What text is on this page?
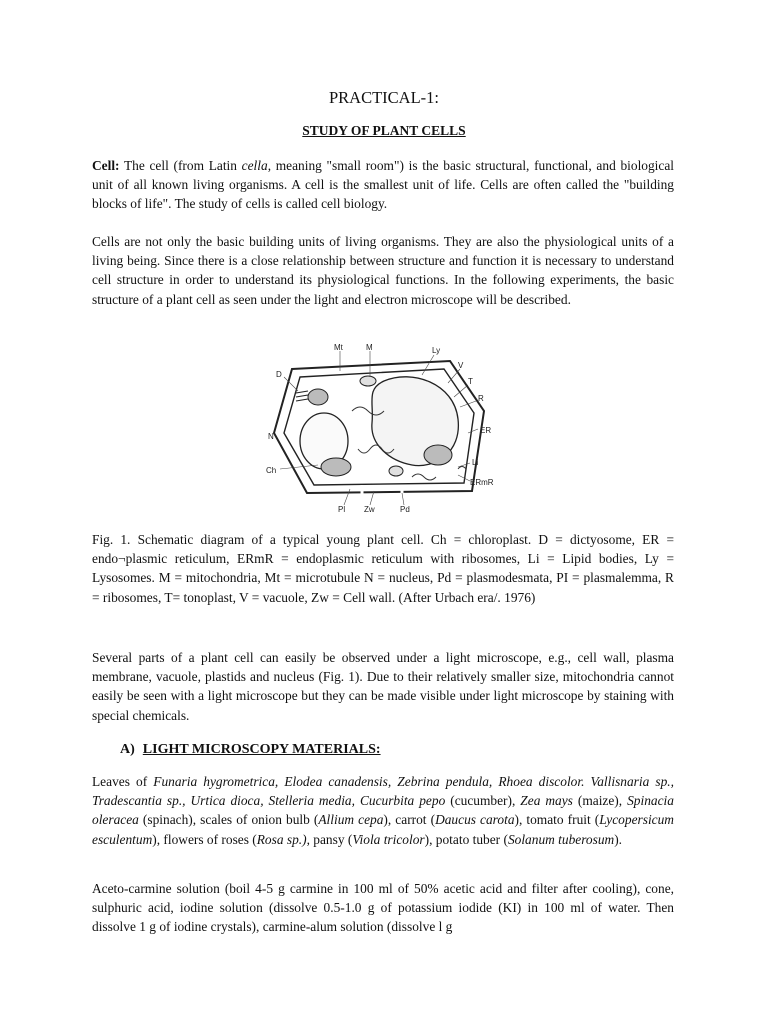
PRACTICAL-1:
STUDY OF PLANT CELLS

Cell: The cell (from Latin cella, meaning "small room") is the basic structural, functional, and biological unit of all known living organisms. A cell is the smallest unit of life. Cells are often called the "building blocks of life". The study of cells is called cell biology.

Cells are not only the basic building units of living organisms. They are also the physiological units of a living being. Since there is a close relationship between structure and function it is necessary to understand cell structure in order to understand its physiological functions. In the following experiments, the basic structure of a plant cell as seen under the light and electron microscope will be described.

Mt	M	Ly
V
T
D
R
N
ER
Ch
Li
ERmR
Pl Zw	Pd

Fig. 1. Schematic diagram of a typical young plant cell. Ch = chloroplast. D = dictyosome, ER = endo¬plasmic reticulum, ERmR = endoplasmic reticulum with ribosomes, Li = Lipid bodies, Ly = Lysosomes. M = mitochondria, Mt = microtubule N = nucleus, Pd = plasmodesmata, PI = plasmalemma, R = ribosomes, T= tonoplast, V = vacuole, Zw = Cell wall. (After Urbach era/. 1976)

Several parts of a plant cell can easily be observed under a light microscope, e.g., cell wall, plasma membrane, vacuole, plastids and nucleus (Fig. 1). Due to their relatively smaller size, mitochondria cannot easily be seen with a light microscope but they can be made visible under light microscope by staining with special chemicals.

A) LIGHT MICROSCOPY MATERIALS:

Leaves of Funaria hygrometrica, Elodea canadensis, Zebrina pendula, Rhoea discolor. Vallisnaria sp., Tradescantia sp., Urtica dioca, Stelleria media, Cucurbita pepo (cucumber), Zea mays (maize), Spinacia oleracea (spinach), scales of onion bulb (Allium cepa), carrot (Daucus carota), tomato fruit (Lycopersicum esculentum), flowers of roses (Rosa sp.), pansy (Viola tricolor), potato tuber (Solanum tuberosum).

Aceto-carmine solution (boil 4-5 g carmine in 100 ml of 50% acetic acid and filter after cooling), cone, sulphuric acid, iodine solution (dissolve 0.5-1.0 g of potassium iodide (KI) in 100 ml of water. Then dissolve 1 g of iodine crystals), carmine-alum solution (dissolve l g
